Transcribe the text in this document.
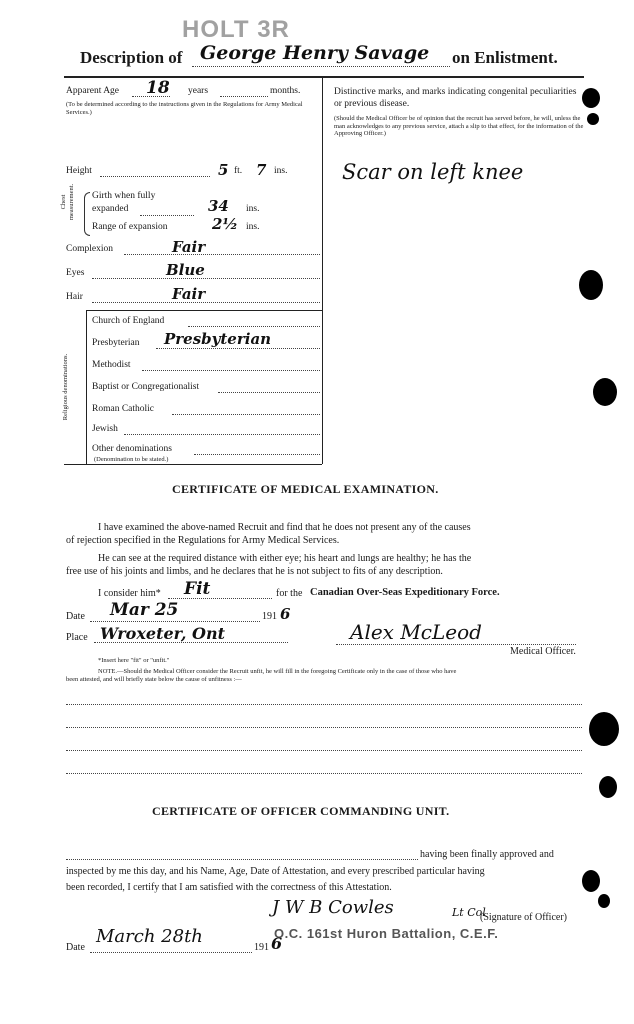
HOLT 3R
Description of George Henry Savage on Enlistment.
Apparent Age 18 years	months.
(To be determined according to the instructions given in the Regulations for Army Medical Services.)
Height	5 ft. 7 ins.
Chest measurement. Girth when fully expanded	34 ins.
Range of expansion	2½ ins.
Complexion	Fair
Eyes	Blue
Hair	Fair
Religious denominations.
Church of England
Presbyterian Presbyterian
Methodist
Baptist or Congregationalist
Roman Catholic
Jewish
Other denominations
(Denomination to be stated.)
Distinctive marks, and marks indicating congenital peculiarities or previous disease.
(Should the Medical Officer be of opinion that the recruit has served before, he will, unless the man acknowledges to any previous service, attach a slip to that effect, for the information of the Approving Officer.)
Scar on left knee
CERTIFICATE OF MEDICAL EXAMINATION.
I have examined the above-named Recruit and find that he does not present any of the causes
of rejection specified in the Regulations for Army Medical Services.
He can see at the required distance with either eye; his heart and lungs are healthy; he has the
free use of his joints and limbs, and he declares that he is not subject to fits of any description.
I consider him* Fit	for the Canadian Over-Seas Expeditionary Force.
Date Mar 25	191 6
Place Wroxeter, Ont	Alex McLeod
Medical Officer.
*Insert here "fit" or "unfit."
NOTE.—Should the Medical Officer consider the Recruit unfit, he will fill in the foregoing Certificate only in the case of those who have
been attested, and will briefly state below the cause of unfitness :—
CERTIFICATE OF OFFICER COMMANDING UNIT.
having been finally approved and
inspected by me this day, and his Name, Age, Date of Attestation, and every prescribed particular having
been recorded, I certify that I am satisfied with the correctness of this Attestation.
J W B Cowles	Lt Col
(Signature of Officer)
O.C. 161st Huron Battalion, C.E.F.
Date
March 28th
191 6
